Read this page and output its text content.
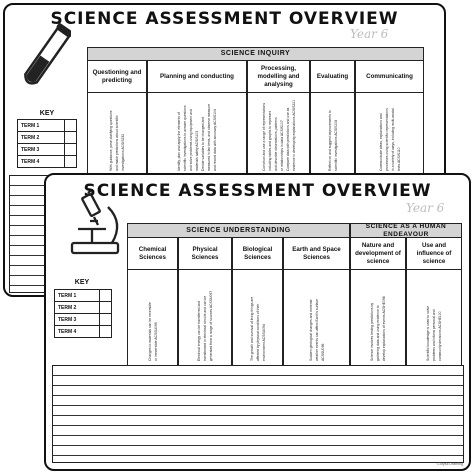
SCIENCE ASSESSMENT OVERVIEW
Year 6
SCIENCE INQUIRY
KEY
Questioning and predicting
With guidance, pose clarifying questions and make predictions about scientific investigations ACSIS232
Planning and conducting
Identify, plan and apply the elements of scientific investigations to answer questions and solve problems using equipment and materials safely ACSIS103 Decide variables to be changed and measured in fair tests, and observe measure and record data with accuracy ACSIS104
Processing, modelling and analysing
Construct and use a range of representations including tables and graphs to represent and describe observations, patterns or relationships in data ACSIS107 Compare data with predictions and use as evidence in developing explanations ACSIS221
Evaluating
Reflect on and suggest improvements to scientific investigations ACSIS108
Communicating
Communicate ideas, explanations and processes using scientific representations in a variety of ways, including multi-modal texts ACSIS110
TERM 1
TERM 2
TERM 3
TERM 4
SCIENCE ASSESSMENT OVERVIEW
Year 6
SCIENCE UNDERSTANDING
SCIENCE AS A HUMAN ENDEAVOUR
KEY
©Joyful Learning
Chemical Sciences
Changes to materials can be reversible or irreversible ACSSU095
Physical Sciences
Electrical energy can be transferred and transformed in electrical circuits and can be generated from a range of sources ACSSU097
Biological Sciences
The growth and survival of living things are affected by physical conditions of their environment ACSSU094
Earth and Space Sciences
Sudden geological changes and extreme weather events can affect Earth's surface ACSSU096
Nature and development of science
Science involves testing predictions by gathering data and using evidence to develop explanations of events ACSHE098
Use and influence of science
Scientific knowledge is used to solve problems and inform personal and community decisions ACSHE100
TERM 1
TERM 2
TERM 3
TERM 4
